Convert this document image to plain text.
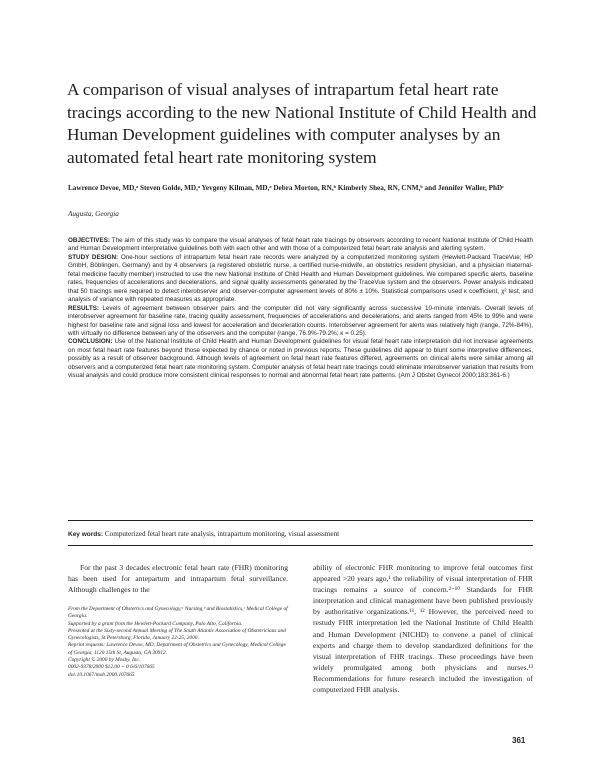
A comparison of visual analyses of intrapartum fetal heart rate tracings according to the new National Institute of Child Health and Human Development guidelines with computer analyses by an automated fetal heart rate monitoring system
Lawrence Devoe, MD,ᵃ Steven Golde, MD,ᵃ Yevgeny Kilman, MD,ᵃ Debra Morton, RN,ᵇ Kimberly Shea, RN, CNM,ᵇ and Jennifer Waller, PhDᶜ
Augusta, Georgia

OBJECTIVES: The aim of this study was to compare the visual analyses of fetal heart rate tracings by observers according to recent National Institute of Child Health and Human Development interpretative guidelines both with each other and with those of a computerized fetal heart rate analysis and alerting system.

STUDY DESIGN: One-hour sections of intrapartum fetal heart rate records were analyzed by a computerized monitoring system (Hewlett-Packard TraceVue; HP GmbH, Böblingen, Germany) and by 4 observers (a registered obstetric nurse, a certified nurse-midwife, an obstetrics resident physician, and a physician maternal-fetal medicine faculty member) instructed to use the new National Institute of Child Health and Human Development guidelines. We compared specific alerts, baseline rates, frequencies of accelerations and decelerations, and signal quality assessments generated by the TraceVue system and the observers. Power analysis indicated that 50 tracings were required to detect interobserver and observer-computer agreement levels of 80% ± 10%. Statistical comparisons used κ coefficient, χ² test, and analysis of variance with repeated measures as appropriate.

RESULTS: Levels of agreement between observer pairs and the computer did not vary significantly across successive 10-minute intervals. Overall levels of interobserver agreement for baseline rate, tracing quality assessment, frequencies of accelerations and decelerations, and alerts ranged from 45% to 99% and were highest for baseline rate and signal loss and lowest for acceleration and deceleration counts. Interobserver agreement for alerts was relatively high (range, 72%-84%), with virtually no difference between any of the observers and the computer (range, 76.9%-79.2%; κ = 0.25).

CONCLUSION: Use of the National Institute of Child Health and Human Development guidelines for visual fetal heart rate interpretation did not increase agreements on most fetal heart rate features beyond those expected by chance or noted in previous reports. These guidelines did appear to blunt some interpretive differences, possibly as a result of observer background. Although levels of agreement on fetal heart rate features differed, agreements on clinical alerts were similar among all observers and a computerized fetal heart rate monitoring system. Computer analysis of fetal heart rate tracings could eliminate interobserver variation that results from visual analysis and could produce more consistent clinical responses to normal and abnormal fetal heart rate patterns. (Am J Obstet Gynecol 2000;183:361-6.)

Key words: Computerized fetal heart rate analysis, intrapartum monitoring, visual assessment

For the past 3 decades electronic fetal heart rate (FHR) monitoring has been used for antepartum and intrapartum fetal surveillance. Although challenges to the

From the Department of Obstetrics and Gynecology,ᵃ Nursing,ᵇ and Biostatistics,ᶜ Medical College of Georgia.

Supported by a grant from the Hewlett-Packard Company, Palo Alto, California.

Presented at the Sixty-second Annual Meeting of The South Atlantic Association of Obstetricians and Gynecologists, St Petersburg, Florida, January 22-25, 2000.

Reprint requests: Lawrence Devoe, MD, Department of Obstetrics and Gynecology, Medical College of Georgia, 1120 15th St, Augusta, GA 30912.

Copyright © 2000 by Mosby, Inc.

0002-9378/2000 $12.00 + 0 6/6/107665

doi:10.1067/mob.2000.107665

ability of electronic FHR monitoring to improve fetal outcomes first appeared >20 years ago,¹ the reliability of visual interpretation of FHR tracings remains a source of concern.²⁻¹⁰ Standards for FHR interpretation and clinical management have been published previously by authoritative organizations.¹¹, ¹² However, the perceived need to restudy FHR interpretation led the National Institute of Child Health and Human Development (NICHD) to convene a panel of clinical experts and charge them to develop standardized definitions for the visual interpretation of FHR tracings. These proceedings have been widely promulgated among both physicians and nurses.¹³ Recommendations for future research included the investigation of computerized FHR analysis.

361
